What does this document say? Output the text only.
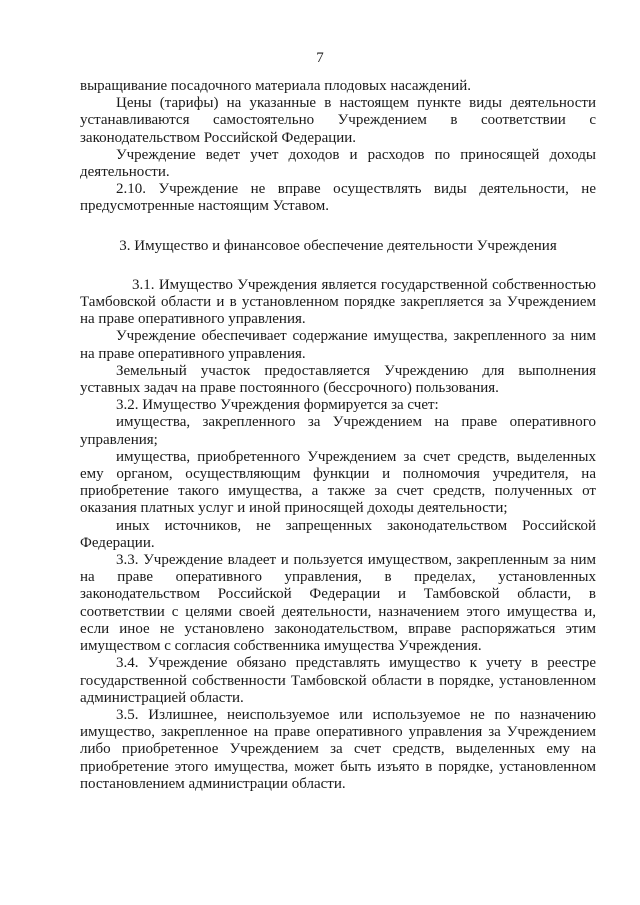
7

выращивание посадочного материала плодовых насаждений.

Цены (тарифы) на указанные в настоящем пункте виды деятельности устанавливаются самостоятельно Учреждением в соответствии с законодательством Российской Федерации.

Учреждение ведет учет доходов и расходов по приносящей доходы деятельности.

2.10. Учреждение не вправе осуществлять виды деятельности, не предусмотренные настоящим Уставом.

3. Имущество и финансовое обеспечение деятельности Учреждения

3.1. Имущество Учреждения является государственной собственностью Тамбовской области и в установленном порядке закрепляется за Учреждением на праве оперативного управления.

Учреждение обеспечивает содержание имущества, закрепленного за ним на праве оперативного управления.

Земельный участок предоставляется Учреждению для выполнения уставных задач на праве постоянного (бессрочного) пользования.

3.2. Имущество Учреждения формируется за счет:

имущества, закрепленного за Учреждением на праве оперативного управления;

имущества, приобретенного Учреждением за счет средств, выделенных ему органом, осуществляющим функции и полномочия учредителя, на приобретение такого имущества, а также за счет средств, полученных от оказания платных услуг и иной приносящей доходы деятельности;

иных источников, не запрещенных законодательством Российской Федерации.

3.3. Учреждение владеет и пользуется имуществом, закрепленным за ним на праве оперативного управления, в пределах, установленных законодательством Российской Федерации и Тамбовской области, в соответствии с целями своей деятельности, назначением этого имущества и, если иное не установлено законодательством, вправе распоряжаться этим имуществом с согласия собственника имущества Учреждения.

3.4. Учреждение обязано представлять имущество к учету в реестре государственной собственности Тамбовской области в порядке, установленном администрацией области.

3.5. Излишнее, неиспользуемое или используемое не по назначению имущество, закрепленное на праве оперативного управления за Учреждением либо приобретенное Учреждением за счет средств, выделенных ему на приобретение этого имущества, может быть изъято в порядке, установленном постановлением администрации области.
